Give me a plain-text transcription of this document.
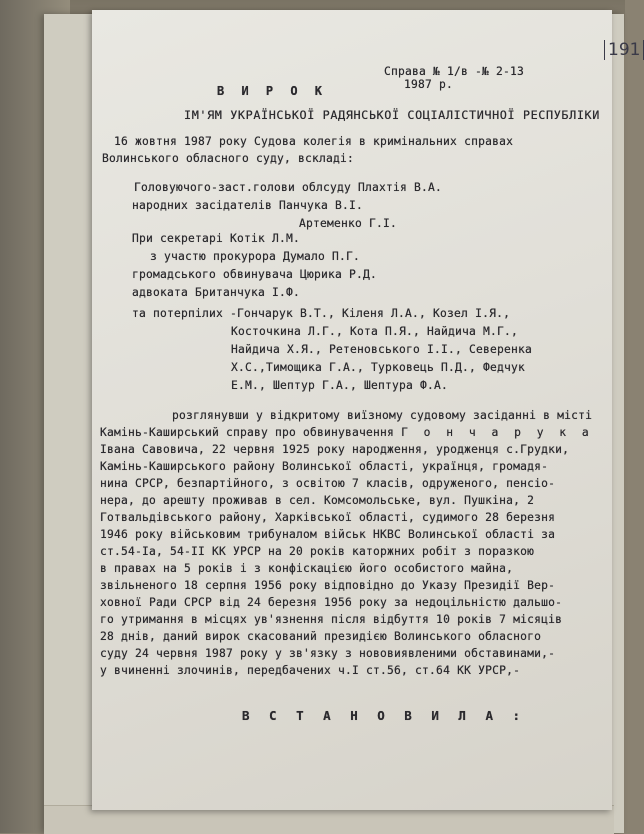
191
Справа № 1/в -№ 2-13
1987 р.
В И Р О К
ІМ'ЯМ УКРАЇНСЬКОЇ РАДЯНСЬКОЇ СОЦІАЛІСТИЧНОЇ РЕСПУБЛІКИ
16 жовтня 1987 року Судова колегія в кримінальних справах
Волинського обласного суду, вскладі:
Головуючого-заст.голови облсуду Плахтія В.А.
народних засідателів Панчука В.І.
Артеменко Г.І.
При секретарі Котік Л.М.
з участю прокурора Думало П.Г.
громадського обвинувача Цюрика Р.Д.
адвоката Британчука І.Ф.
та потерпілих -Гончарук В.Т., Кіленя Л.А., Козел І.Я.,
Косточкина Л.Г., Кота П.Я., Найдича М.Г.,
Найдича Х.Я., Ретеновського І.І., Северенка
Х.С.,Тимощика Г.А., Турковець П.Д., Федчук
Е.М., Шептур Г.А., Шептура Ф.А.
розглянувши у відкритому виїзному судовому засіданні в місті
Камінь-Каширський справу про обвинувачення Г о н ч а р у к а
Івана Савовича, 22 червня 1925 року народження, уродженця с.Грудки,
Камінь-Каширського району Волинської області, українця, громадя-
нина СРСР, безпартійного, з освітою 7 класів, одруженого, пенсіо-
нера, до арешту проживав в сел. Комсомольське, вул. Пушкіна, 2
Готвальдівського району, Харківської області, судимого 28 березня
1946 року військовим трибуналом військ НКВС Волинської області за
ст.54-Іа, 54-ІІ КК УРСР на 20 років каторжних робіт з поразкою
в правах на 5 років і з конфіскацією його особистого майна,
звільненого 18 серпня 1956 року відповідно до Указу Президії Вер-
ховної Ради СРСР від 24 березня 1956 року за недоцільністю дальшо-
го утримання в місцях ув'язнення після відбуття 10 років 7 місяців
28 днів, даний вирок скасований президією Волинського обласного
суду 24 червня 1987 року у зв'язку з нововиявленими обставинами,-
у вчиненні злочинів, передбачених ч.І ст.56, ст.64 КК УРСР,-
В С Т А Н О В И Л А :
